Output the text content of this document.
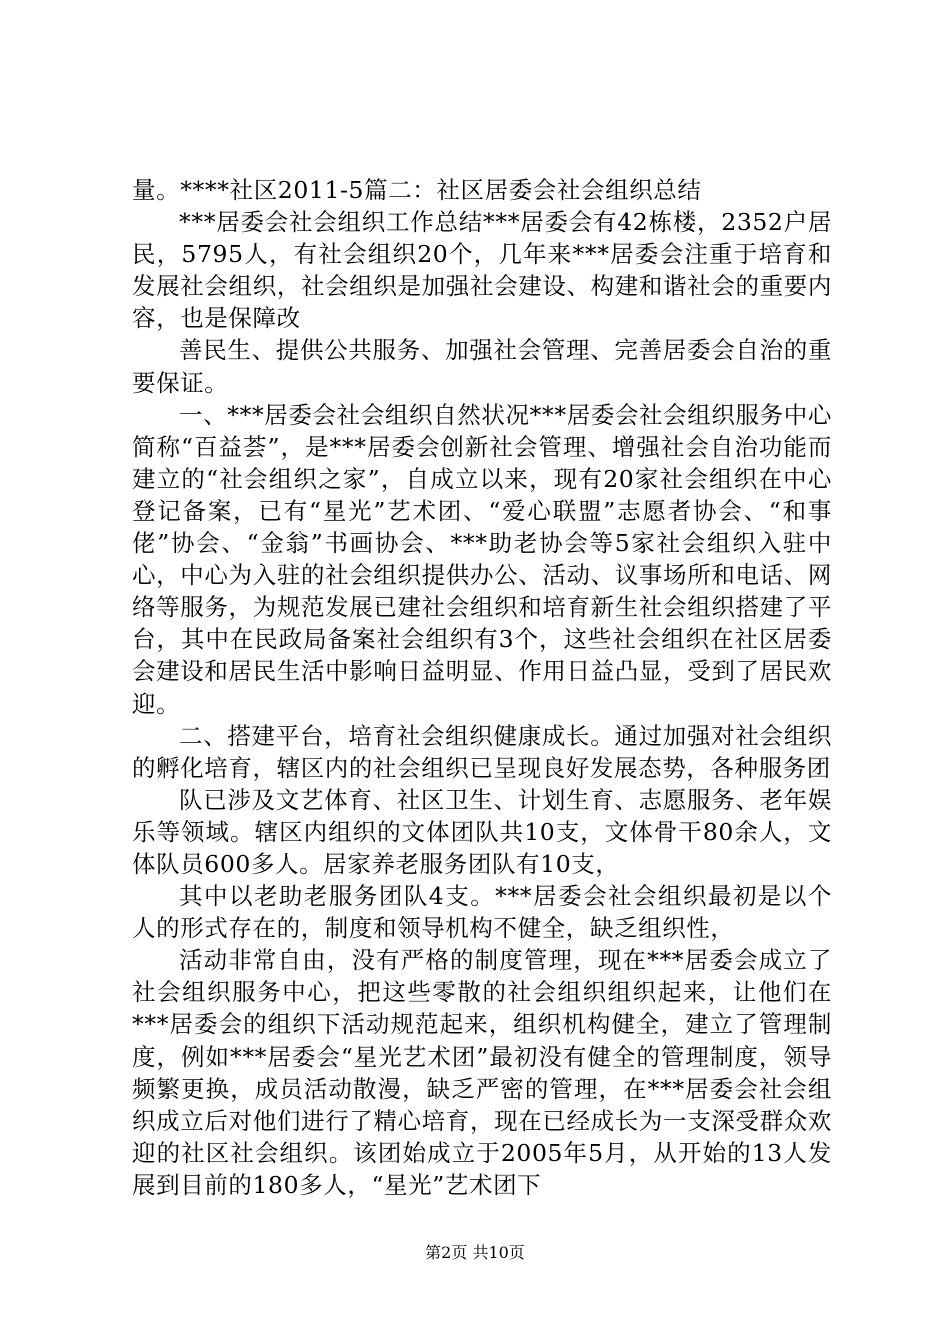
量。****社区2011-5篇二：社区居委会社会组织总结

***居委会社会组织工作总结***居委会有42栋楼，2352户居民，5795人，有社会组织20个，几年来***居委会注重于培育和发展社会组织，社会组织是加强社会建设、构建和谐社会的重要内容，也是保障改

善民生、提供公共服务、加强社会管理、完善居委会自治的重要保证。

一、***居委会社会组织自然状况***居委会社会组织服务中心简称“百益荟”，是***居委会创新社会管理、增强社会自治功能而建立的“社会组织之家”，自成立以来，现有20家社会组织在中心登记备案，已有“星光”艺术团、“爱心联盟”志愿者协会、“和事佬”协会、“金翁”书画协会、***助老协会等5家社会组织入驻中心，中心为入驻的社会组织提供办公、活动、议事场所和电话、网络等服务，为规范发展已建社会组织和培育新生社会组织搭建了平台，其中在民政局备案社会组织有3个，这些社会组织在社区居委会建设和居民生活中影响日益明显、作用日益凸显，受到了居民欢迎。

二、搭建平台，培育社会组织健康成长。通过加强对社会组织的孵化培育，辖区内的社会组织已呈现良好发展态势，各种服务团

队已涉及文艺体育、社区卫生、计划生育、志愿服务、老年娱乐等领域。辖区内组织的文体团队共10支，文体骨干80余人，文体队员600多人。居家养老服务团队有10支，

其中以老助老服务团队4支。***居委会社会组织最初是以个人的形式存在的，制度和领导机构不健全，缺乏组织性，

活动非常自由，没有严格的制度管理，现在***居委会成立了社会组织服务中心，把这些零散的社会组织组织起来，让他们在***居委会的组织下活动规范起来，组织机构健全，建立了管理制度，例如***居委会“星光艺术团”最初没有健全的管理制度，领导频繁更换，成员活动散漫，缺乏严密的管理，在***居委会社会组织成立后对他们进行了精心培育，现在已经成长为一支深受群众欢迎的社区社会组织。该团始成立于2005年5月，从开始的13人发展到目前的180多人，“星光”艺术团下

第2页 共10页
